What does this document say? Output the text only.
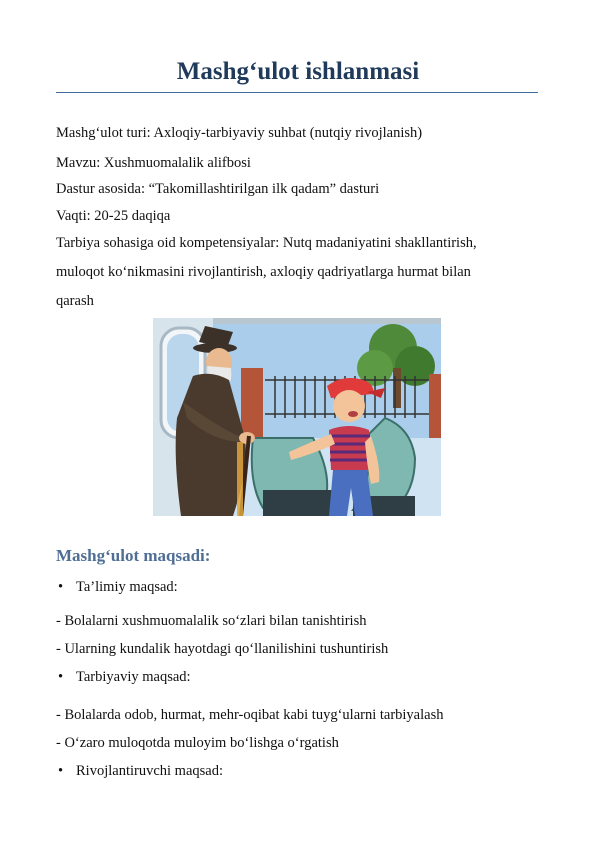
Mashg‘ulot ishlanmasi
Mashg‘ulot turi: Axloqiy-tarbiyaviy suhbat (nutqiy rivojlanish)
Mavzu: Xushmuomalalik alifbosi
Dastur asosida: “Takomillashtirilgan ilk qadam” dasturi
Vaqti: 20-25 daqiqa
Tarbiya sohasiga oid kompetensiyalar: Nutq madaniyatini shakllantirish,
muloqot ko‘nikmasini rivojlantirish, axloqiy qadriyatlarga hurmat bilan
qarash
Mashg‘ulot maqsadi:
• Ta’limiy maqsad:
- Bolalarni xushmuomalalik so‘zlari bilan tanishtirish
- Ularning kundalik hayotdagi qo‘llanilishini tushuntirish
• Tarbiyaviy maqsad:
- Bolalarda odob, hurmat, mehr-oqibat kabi tuyg‘ularni tarbiyalash
- O‘zaro muloqotda muloyim bo‘lishga o‘rgatish
• Rivojlantiruvchi maqsad:
